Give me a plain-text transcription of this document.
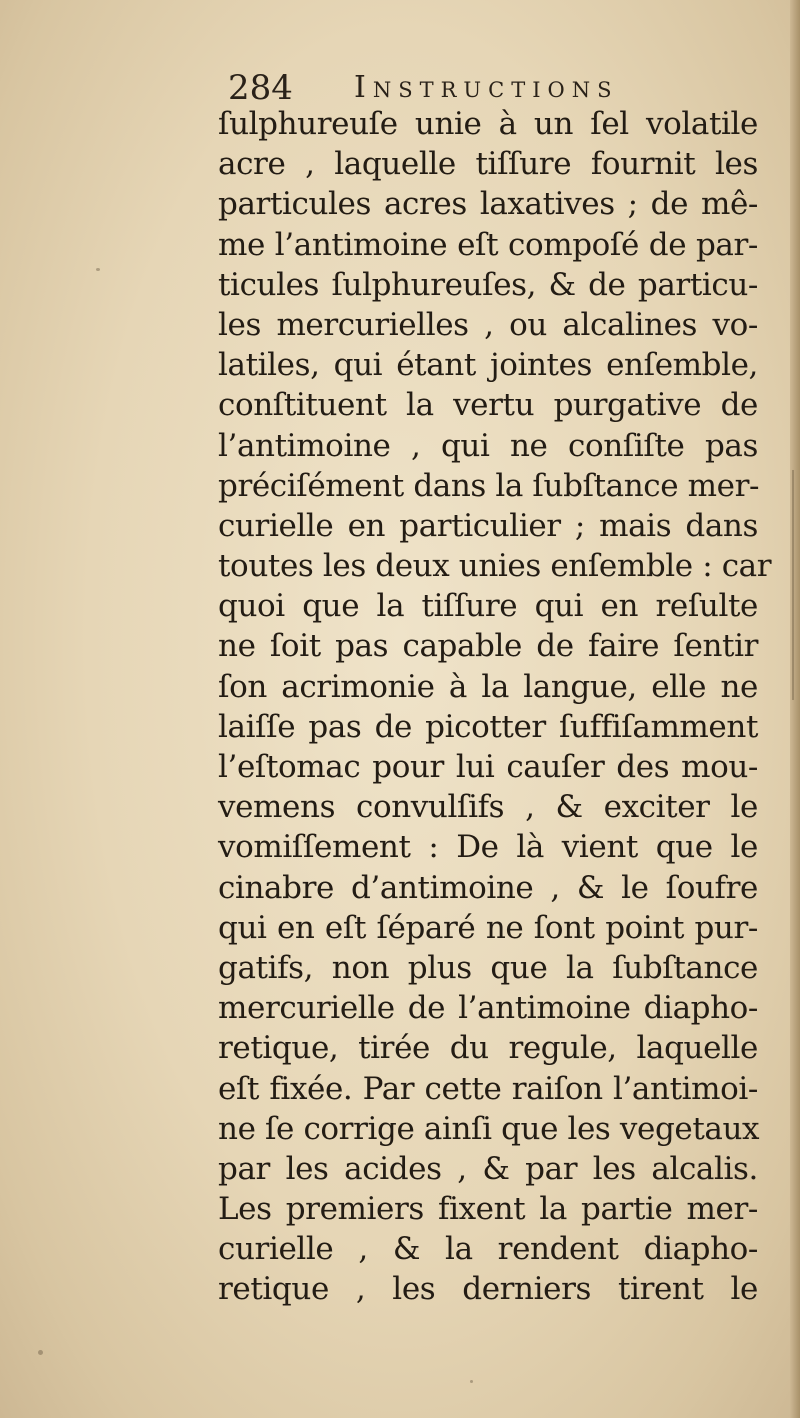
284 Instructions
ſulphureuſe unie à un ſel volatile
acre , laquelle tiſſure fournit les
particules acres laxatives ; de mê-
me l’antimoine eſt compoſé de par-
ticules ſulphureuſes, & de particu-
les mercurielles , ou alcalines vo-
latiles, qui étant jointes enſemble,
conſtituent la vertu purgative de
l’antimoine , qui ne conſiſte pas
préciſément dans la ſubſtance mer-
curielle en particulier ; mais dans
toutes les deux unies enſemble : car
quoi que la tiſſure qui en reſulte
ne ſoit pas capable de faire ſentir
ſon acrimonie à la langue, elle ne
laiſſe pas de picotter ſuffiſamment
l’eſtomac pour lui cauſer des mou-
vemens convulſifs , & exciter le
vomiſſement : De là vient que le
cinabre d’antimoine , & le ſoufre
qui en eſt ſéparé ne ſont point pur-
gatifs, non plus que la ſubſtance
mercurielle de l’antimoine diapho-
retique, tirée du regule, laquelle
eſt fixée. Par cette raiſon l’antimoi-
ne ſe corrige ainſi que les vegetaux
par les acides , & par les alcalis.
Les premiers fixent la partie mer-
curielle , & la rendent diapho-
retique , les derniers tirent le
